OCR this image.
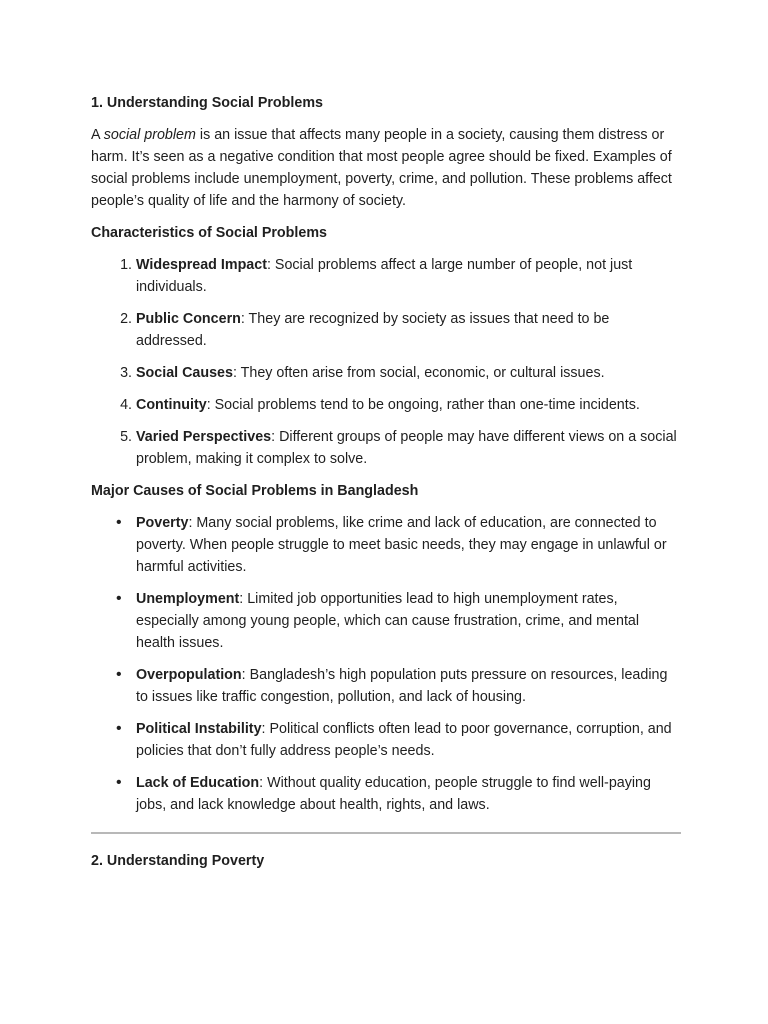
1. Understanding Social Problems

A social problem is an issue that affects many people in a society, causing them distress or harm. It’s seen as a negative condition that most people agree should be fixed. Examples of social problems include unemployment, poverty, crime, and pollution. These problems affect people’s quality of life and the harmony of society.

Characteristics of Social Problems
1. Widespread Impact: Social problems affect a large number of people, not just individuals.
2. Public Concern: They are recognized by society as issues that need to be addressed.
3. Social Causes: They often arise from social, economic, or cultural issues.
4. Continuity: Social problems tend to be ongoing, rather than one-time incidents.
5. Varied Perspectives: Different groups of people may have different views on a social problem, making it complex to solve.
Major Causes of Social Problems in Bangladesh
• Poverty: Many social problems, like crime and lack of education, are connected to poverty. When people struggle to meet basic needs, they may engage in unlawful or harmful activities.
• Unemployment: Limited job opportunities lead to high unemployment rates, especially among young people, which can cause frustration, crime, and mental health issues.
• Overpopulation: Bangladesh’s high population puts pressure on resources, leading to issues like traffic congestion, pollution, and lack of housing.
• Political Instability: Political conflicts often lead to poor governance, corruption, and policies that don’t fully address people’s needs.
• Lack of Education: Without quality education, people struggle to find well-paying jobs, and lack knowledge about health, rights, and laws.
2. Understanding Poverty
